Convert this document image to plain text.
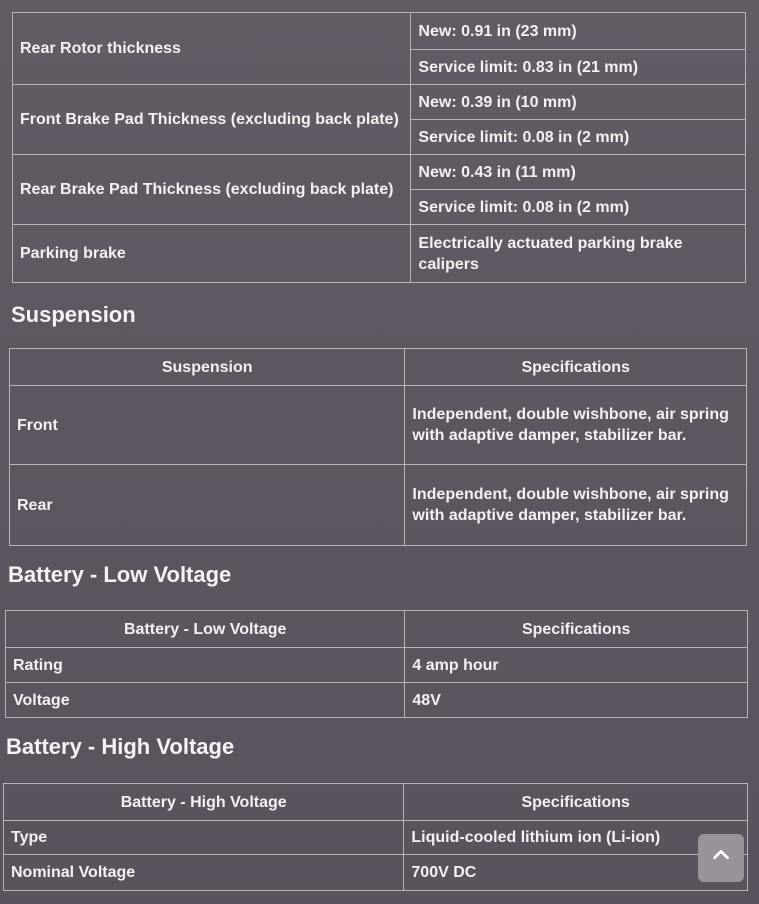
Rear Rotor thickness	New: 0.91 in (23 mm)
	Service limit: 0.83 in (21 mm)
Front Brake Pad Thickness (excluding back plate)	New: 0.39 in (10 mm)
	Service limit: 0.08 in (2 mm)
Rear Brake Pad Thickness (excluding back plate)	New: 0.43 in (11 mm)
	Service limit: 0.08 in (2 mm)
Parking brake	Electrically actuated parking brake calipers
Suspension
Suspension	Specifications
Front	Independent, double wishbone, air spring with adaptive damper, stabilizer bar.
Rear	Independent, double wishbone, air spring with adaptive damper, stabilizer bar.
Battery - Low Voltage
Battery - Low Voltage	Specifications
Rating	4 amp hour
Voltage	48V
Battery - High Voltage
Battery - High Voltage	Specifications
Type	Liquid-cooled lithium ion (Li-ion)
Nominal Voltage	700V DC
